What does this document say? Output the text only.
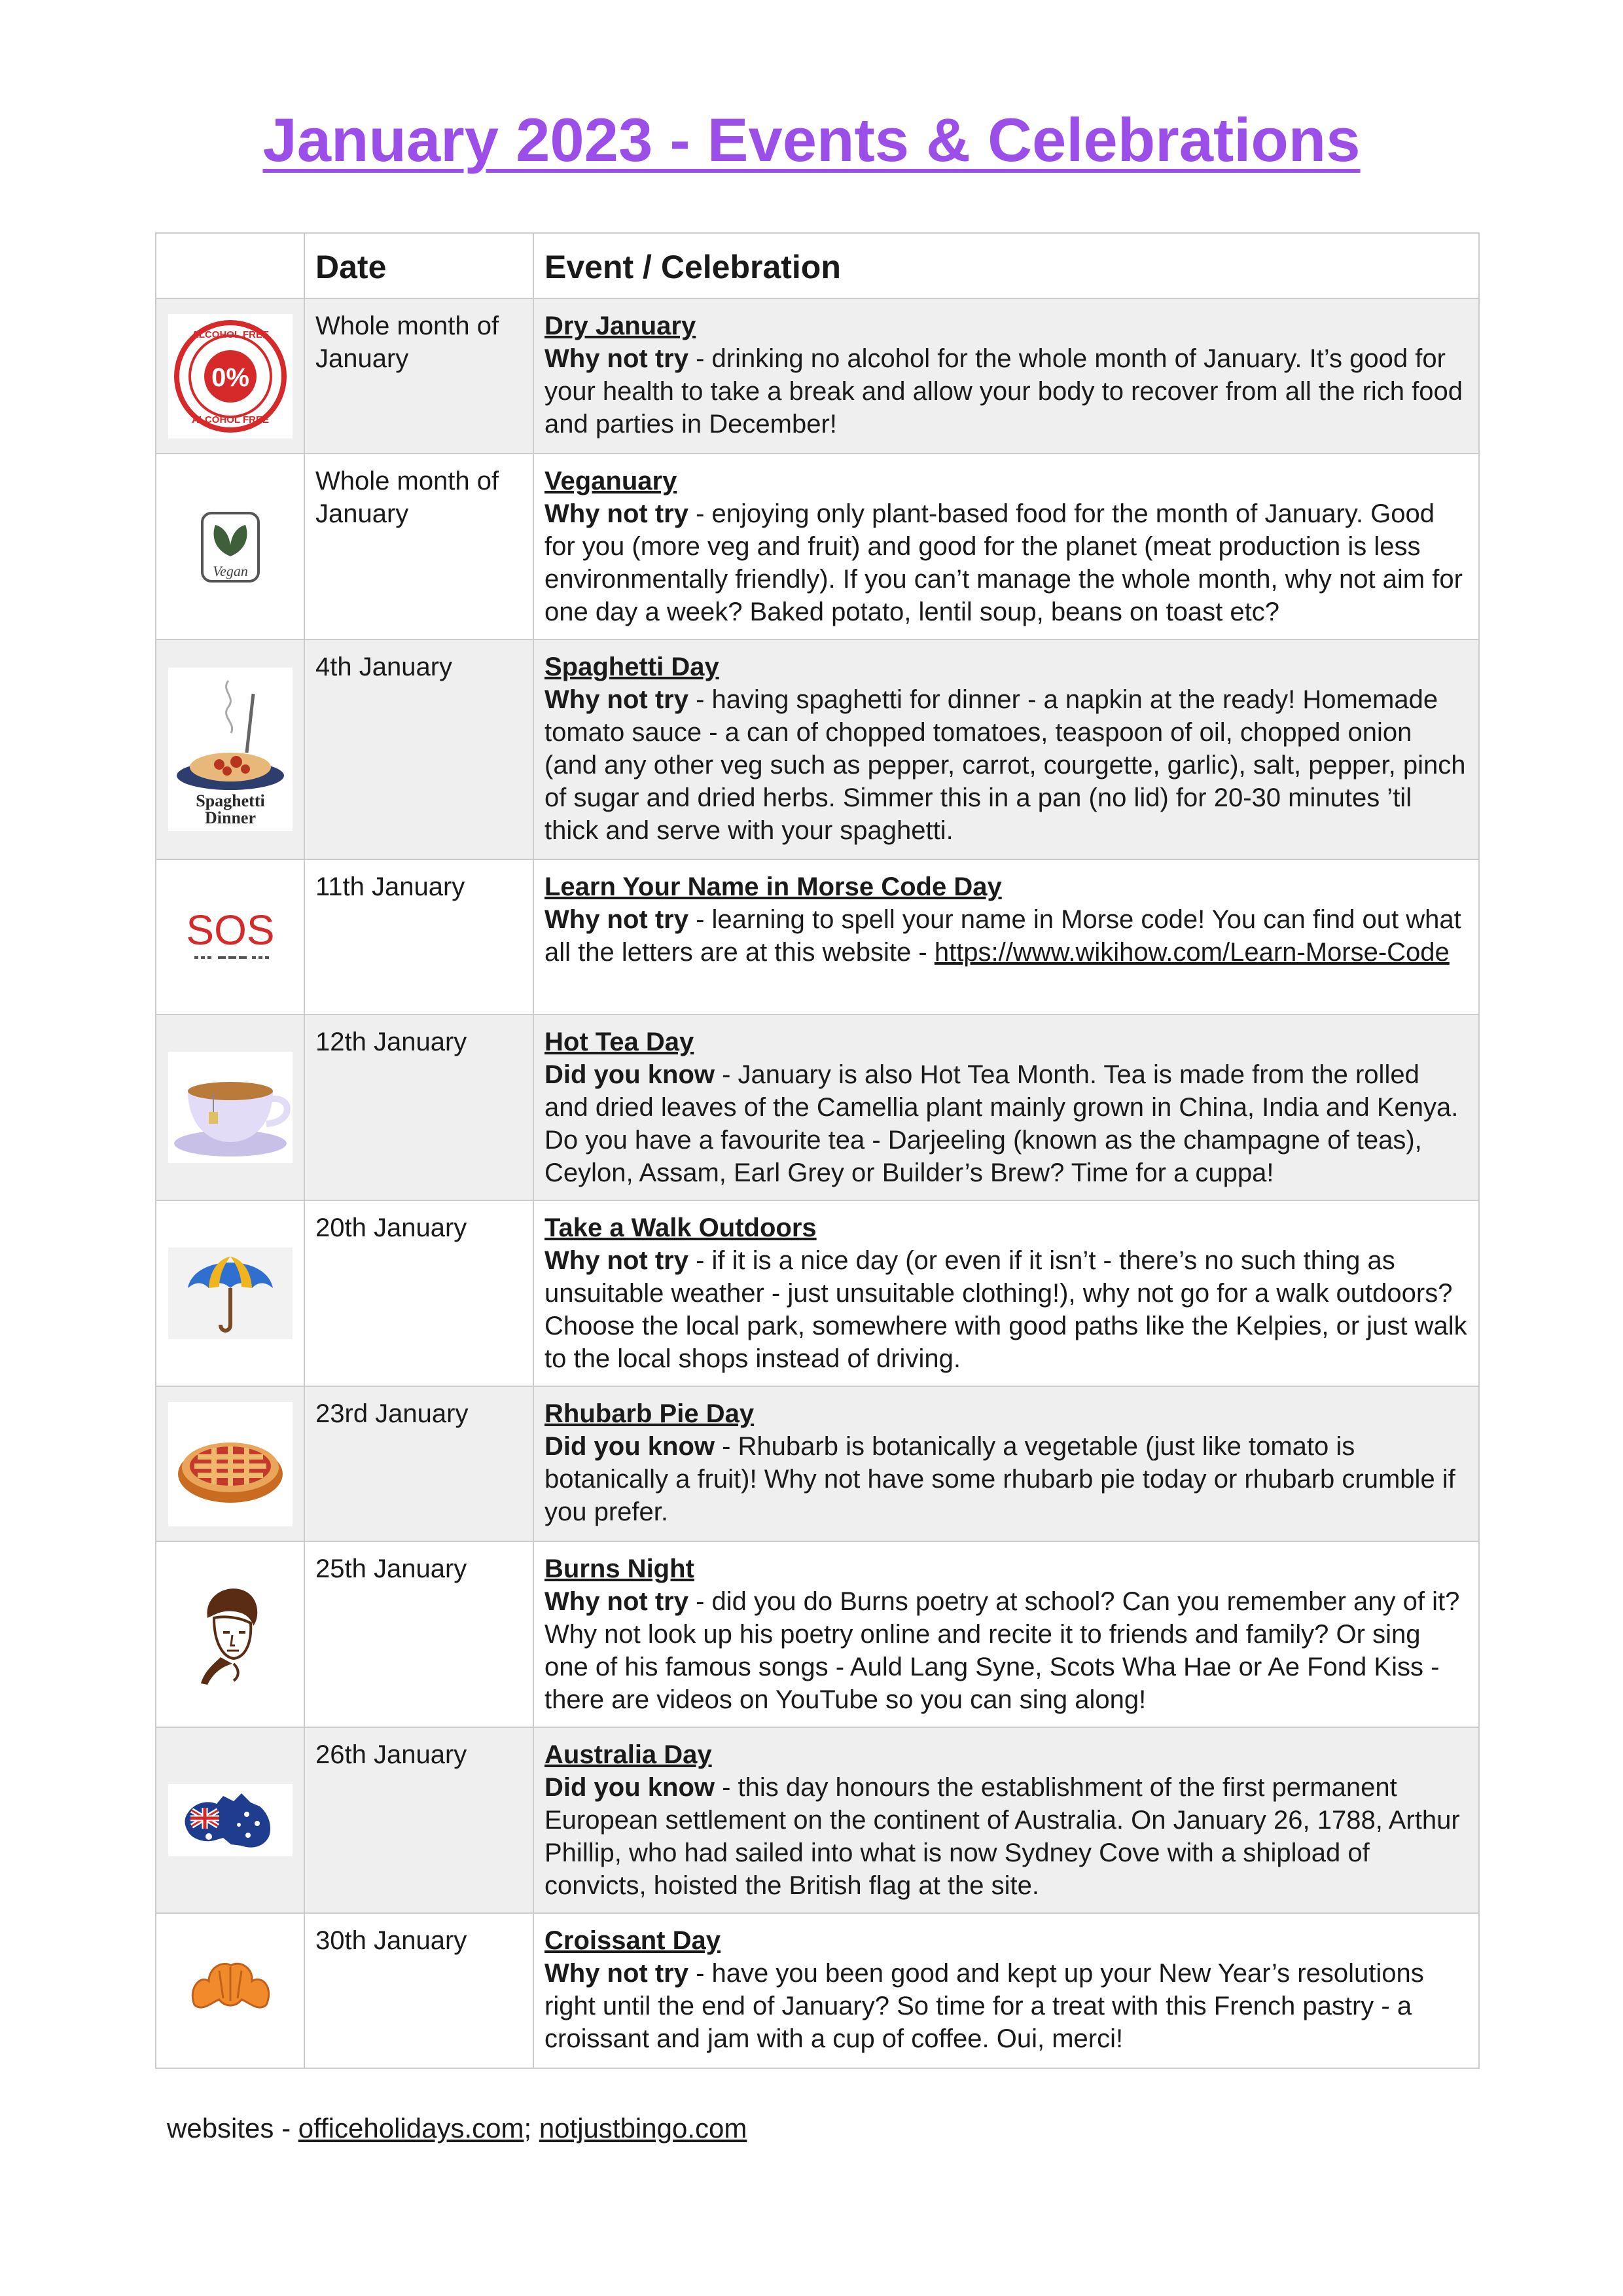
January 2023 - Events & Celebrations
	Date	Event / Celebration

0%
ALCOHOL FREE
ALCOHOL FREE	Whole month of January	Dry January
Why not try - drinking no alcohol for the whole month of January. It’s good for your health to take a break and allow your body to recover from all the rich food and parties in December!

Vegan	Whole month of January	Veganuary
Why not try - enjoying only plant-based food for the month of January. Good for you (more veg and fruit) and good for the planet (meat production is less environmentally friendly). If you can’t manage the whole month, why not aim for one day a week? Baked potato, lentil soup, beans on toast etc?

Spaghetti
Dinner	4th January	Spaghetti Day
Why not try - having spaghetti for dinner - a napkin at the ready! Homemade tomato sauce - a can of chopped tomatoes, teaspoon of oil, chopped onion (and any other veg such as pepper, carrot, courgette, garlic), salt, pepper, pinch of sugar and dried herbs. Simmer this in a pan (no lid) for 20-30 minutes ’til thick and serve with your spaghetti.

SOS	11th January	Learn Your Name in Morse Code Day
Why not try - learning to spell your name in Morse code! You can find out what all the letters are at this website - https://www.wikihow.com/Learn-Morse-Code

	12th January	Hot Tea Day
Did you know - January is also Hot Tea Month. Tea is made from the rolled and dried leaves of the Camellia plant mainly grown in China, India and Kenya. Do you have a favourite tea - Darjeeling (known as the champagne of teas), Ceylon, Assam, Earl Grey or Builder’s Brew? Time for a cuppa!

	20th January	Take a Walk Outdoors
Why not try - if it is a nice day (or even if it isn’t - there’s no such thing as unsuitable weather - just unsuitable clothing!), why not go for a walk outdoors? Choose the local park, somewhere with good paths like the Kelpies, or just walk to the local shops instead of driving.

	23rd January	Rhubarb Pie Day
Did you know - Rhubarb is botanically a vegetable (just like tomato is botanically a fruit)! Why not have some rhubarb pie today or rhubarb crumble if you prefer.

	25th January	Burns Night
Why not try - did you do Burns poetry at school? Can you remember any of it? Why not look up his poetry online and recite it to friends and family? Or sing one of his famous songs - Auld Lang Syne, Scots Wha Hae or Ae Fond Kiss - there are videos on YouTube so you can sing along!

	26th January	Australia Day
Did you know - this day honours the establishment of the first permanent European settlement on the continent of Australia. On January 26, 1788, Arthur Phillip, who had sailed into what is now Sydney Cove with a shipload of convicts, hoisted the British flag at the site.

	30th January	Croissant Day
Why not try - have you been good and kept up your New Year’s resolutions right until the end of January? So time for a treat with this French pastry - a croissant and jam with a cup of coffee. Oui, merci!
websites - officeholidays.com; notjustbingo.com
